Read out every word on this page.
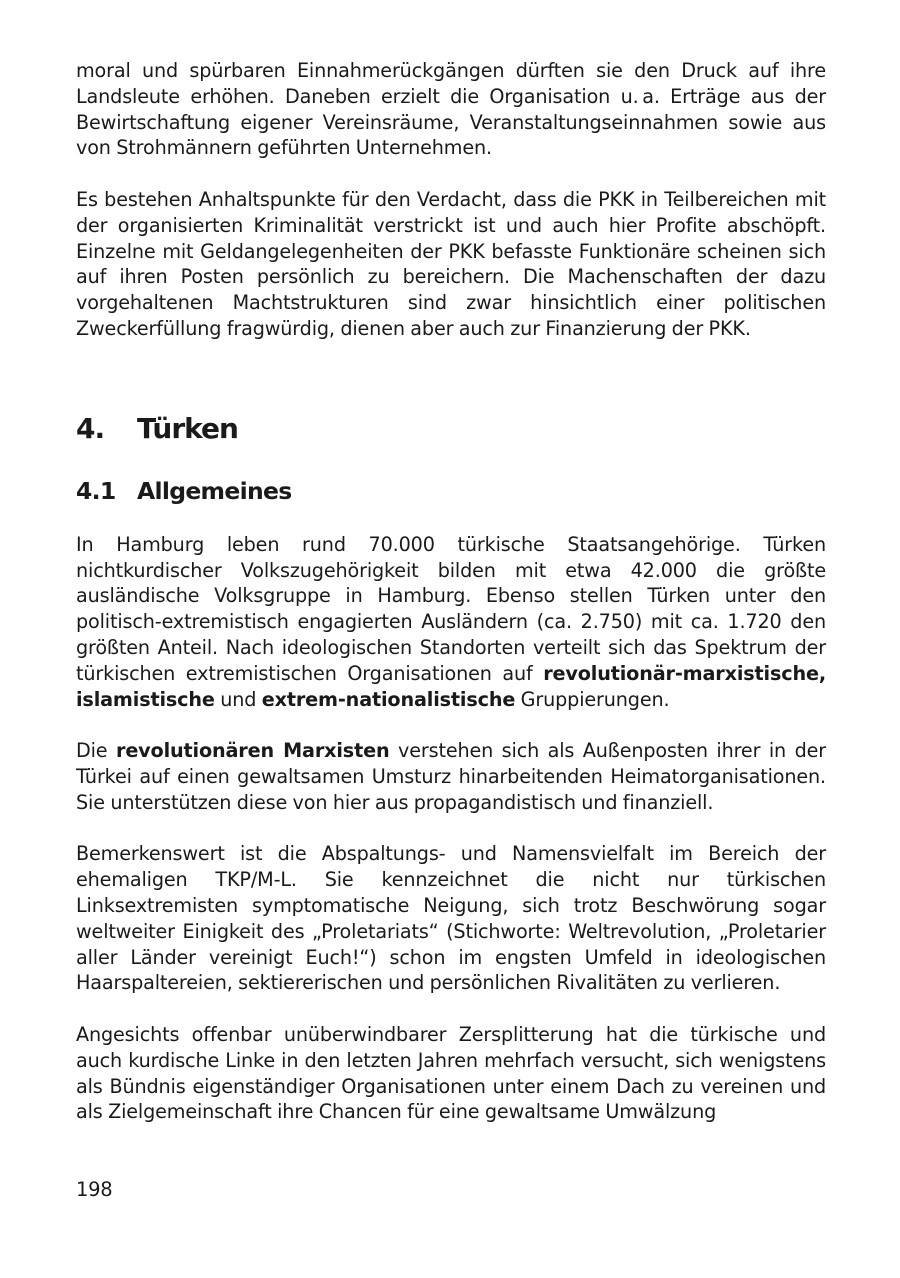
moral und spürbaren Einnahmerückgängen dürften sie den Druck auf ihre Landsleute erhöhen. Daneben erzielt die Organisation u. a. Erträge aus der Bewirtschaftung eigener Vereinsräume, Veranstaltungseinnahmen sowie aus von Strohmännern geführten Unternehmen.

Es bestehen Anhaltspunkte für den Verdacht, dass die PKK in Teilbereichen mit der organisierten Kriminalität verstrickt ist und auch hier Profite abschöpft. Einzelne mit Geldangelegenheiten der PKK befasste Funktionäre scheinen sich auf ihren Posten persönlich zu bereichern. Die Machenschaften der dazu vorgehaltenen Machtstrukturen sind zwar hinsichtlich einer politischen Zweckerfüllung fragwürdig, dienen aber auch zur Finanzierung der PKK.

4.	Türken
4.1 Allgemeines

In Hamburg leben rund 70.000 türkische Staatsangehörige. Türken nichtkurdischer Volkszugehörigkeit bilden mit etwa 42.000 die größte ausländische Volksgruppe in Hamburg. Ebenso stellen Türken unter den politisch-extremistisch engagierten Ausländern (ca. 2.750) mit ca. 1.720 den größten Anteil. Nach ideologischen Standorten verteilt sich das Spektrum der türkischen extremistischen Organisationen auf revolutionär-marxistische, islamistische und extrem-nationalistische Gruppierungen.

Die revolutionären Marxisten verstehen sich als Außenposten ihrer in der Türkei auf einen gewaltsamen Umsturz hinarbeitenden Heimatorganisationen. Sie unterstützen diese von hier aus propagandistisch und finanziell.

Bemerkenswert ist die Abspaltungs- und Namensvielfalt im Bereich der ehemaligen TKP/M-L. Sie kennzeichnet die nicht nur türkischen Linksextremisten symptomatische Neigung, sich trotz Beschwörung sogar weltweiter Einigkeit des „Proletariats“ (Stichworte: Weltrevolution, „Proletarier aller Länder vereinigt Euch!“) schon im engsten Umfeld in ideologischen Haarspaltereien, sektiererischen und persönlichen Rivalitäten zu verlieren.

Angesichts offenbar unüberwindbarer Zersplitterung hat die türkische und auch kurdische Linke in den letzten Jahren mehrfach versucht, sich wenigstens als Bündnis eigenständiger Organisationen unter einem Dach zu vereinen und als Zielgemeinschaft ihre Chancen für eine gewaltsame Umwälzung

198
